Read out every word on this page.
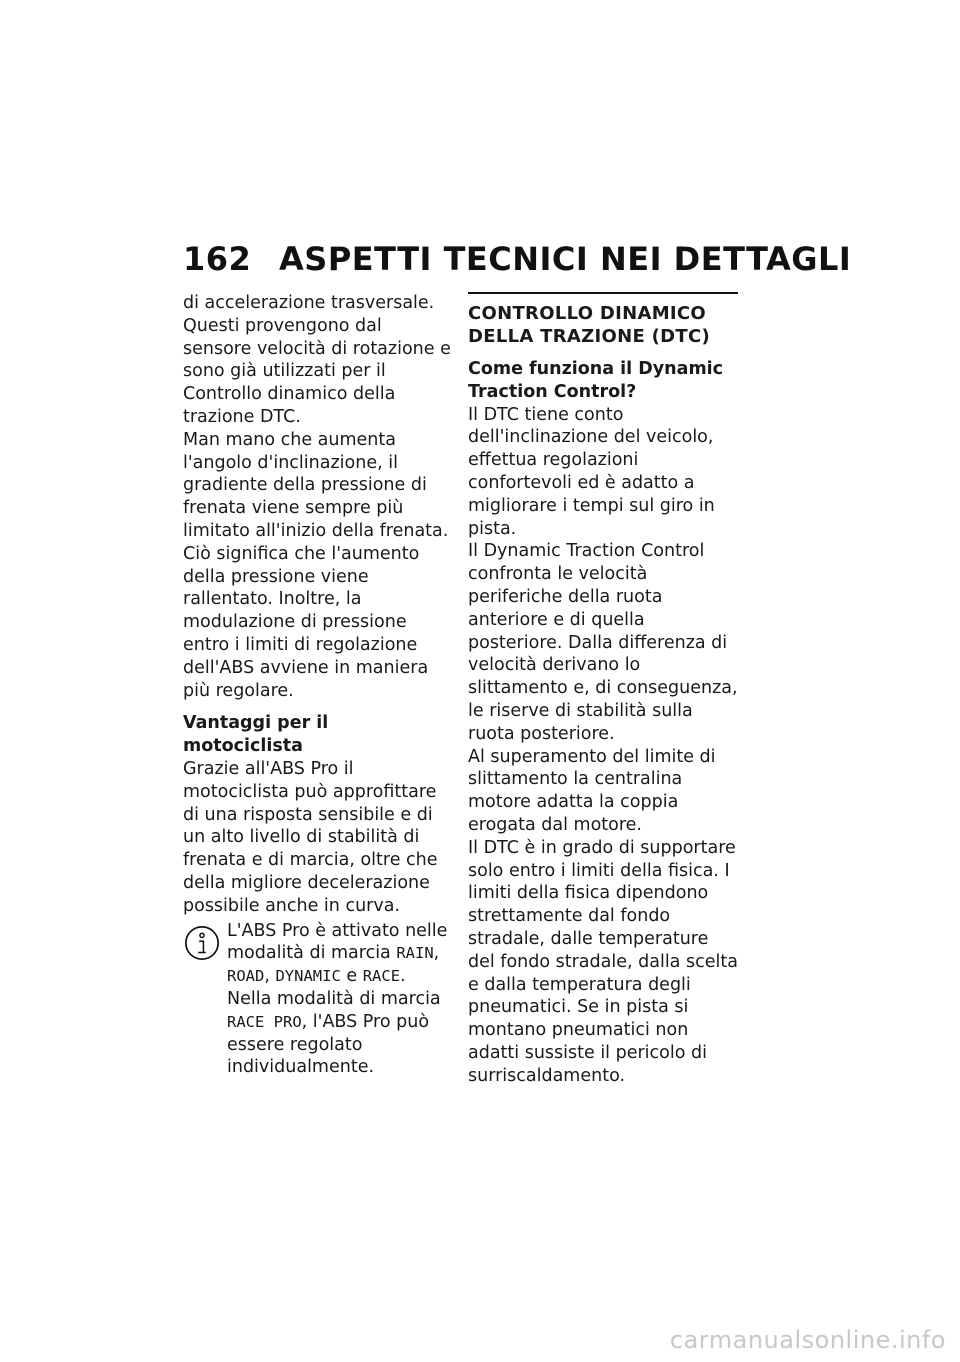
162 ASPETTI TECNICI NEI DETTAGLI

di accelerazione trasversale.

Questi provengono dal sensore velocità di rotazione e sono già utilizzati per il Controllo dinamico della trazione DTC.

Man mano che aumenta l'angolo d'inclinazione, il gradiente della pressione di frenata viene sempre più limitato all'inizio della frenata. Ciò significa che l'aumento della pressione viene rallentato. Inoltre, la modulazione di pressione entro i limiti di regolazione dell'ABS avviene in maniera più regolare.

Vantaggi per il motociclista

Grazie all'ABS Pro il motociclista può approfittare di una risposta sensibile e di un alto livello di stabilità di frenata e di marcia, oltre che della migliore decelerazione possibile anche in curva.

L'ABS Pro è attivato nelle modalità di marcia RAIN, ROAD, DYNAMIC e RACE. Nella modalità di marcia RACE PRO, l'ABS Pro può essere regolato individualmente.
CONTROLLO DINAMICO DELLA TRAZIONE (DTC)

Come funziona il Dynamic Traction Control?

Il DTC tiene conto dell'inclinazione del veicolo, effettua regolazioni confortevoli ed è adatto a migliorare i tempi sul giro in pista.

Il Dynamic Traction Control confronta le velocità periferiche della ruota anteriore e di quella posteriore. Dalla differenza di velocità derivano lo slittamento e, di conseguenza, le riserve di stabilità sulla ruota posteriore.

Al superamento del limite di slittamento la centralina motore adatta la coppia erogata dal motore.

Il DTC è in grado di supportare solo entro i limiti della fisica. I limiti della fisica dipendono strettamente dal fondo stradale, dalle temperature del fondo stradale, dalla scelta e dalla temperatura degli pneumatici. Se in pista si montano pneumatici non adatti sussiste il pericolo di surriscaldamento.

carmanualsonline.info
